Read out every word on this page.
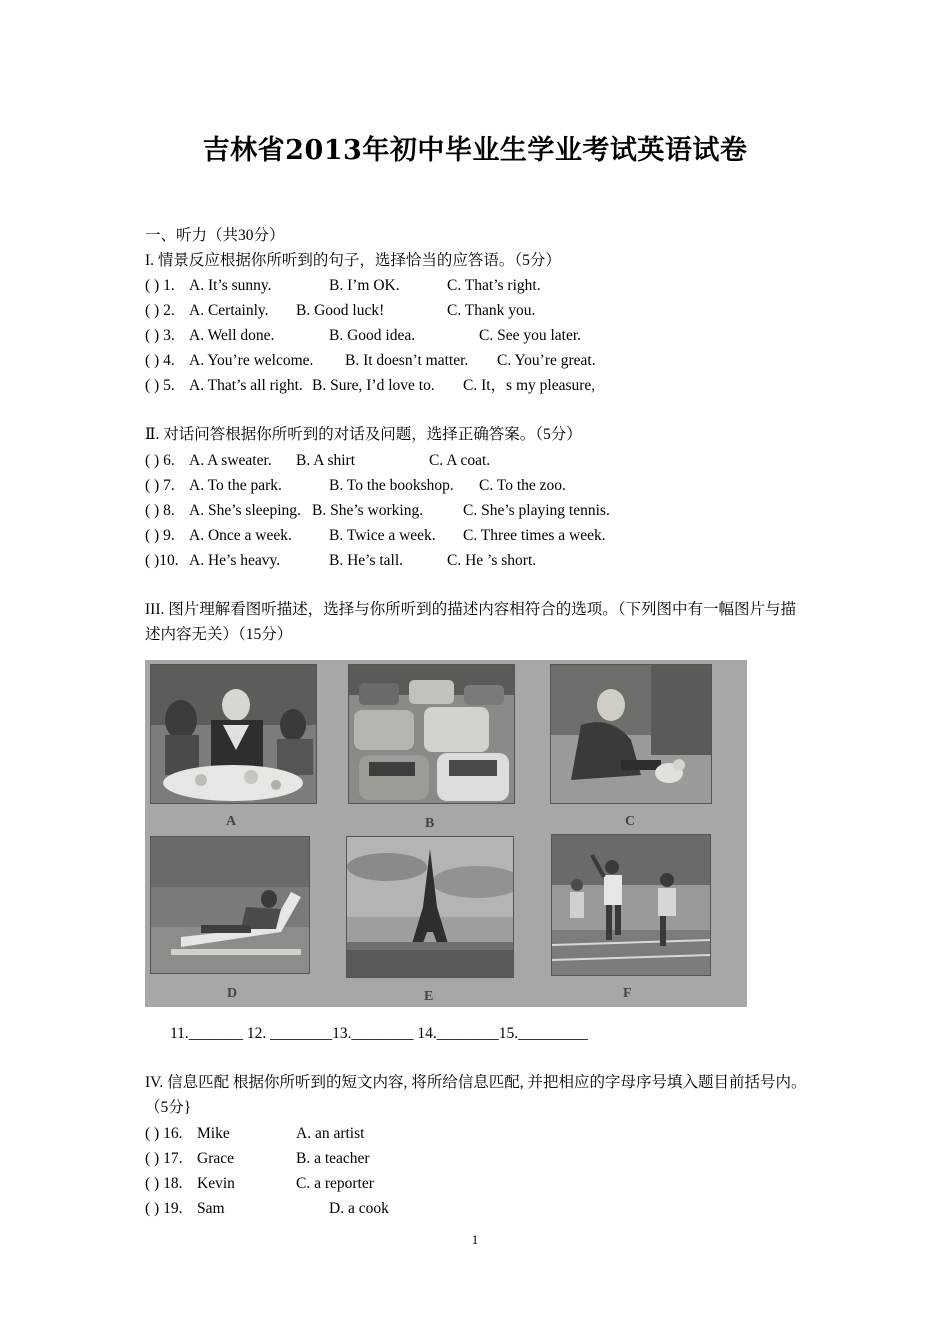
吉林省2013年初中毕业生学业考试英语试卷
一、听力（共30分）
I. 情景反应根据你所听到的句子，选择恰当的应答语。（5分）
( ) 1. A. It’s sunny.	B. I’m OK.	C. That’s right.
( ) 2. A. Certainly. B. Good luck!	C. Thank you.
( ) 3. A. Well done.	B. Good idea.	C. See you later.
( ) 4. A. You’re welcome. B. It doesn’t matter. C. You’re great.
( ) 5. A. That’s all right. B. Sure, I’d love to. C. It，s my pleasure,
Ⅱ. 对话问答根据你所听到的对话及问题，选择正确答案。（5分）
( ) 6. A. A sweater. B. A shirt	C. A coat.
( ) 7. A. To the park.	B. To the bookshop. C. To the zoo.
( ) 8. A. She’s sleeping. B. She’s working.	C. She’s playing tennis.
( ) 9. A. Once a week. B. Twice a week. C. Three times a week.
( )10. A. He’s heavy.	B. He’s tall.	C. He ’s short.
III. 图片理解看图听描述，选择与你所听到的描述内容相符合的选项。（下列图中有一幅图片与描述内容无关）（15分）
A	B	C
D	E	F
11._______ 12. ________13.________ 14.________15._________
IV. 信息匹配 根据你所听到的短文内容, 将所给信息匹配, 并把相应的字母序号填入题目前括号内。（5分}
( ) 16. Mike	A. an artist
( ) 17. Grace	B. a teacher
( ) 18. Kevin	C. a reporter
( ) 19. Sam	D. a cook
1
